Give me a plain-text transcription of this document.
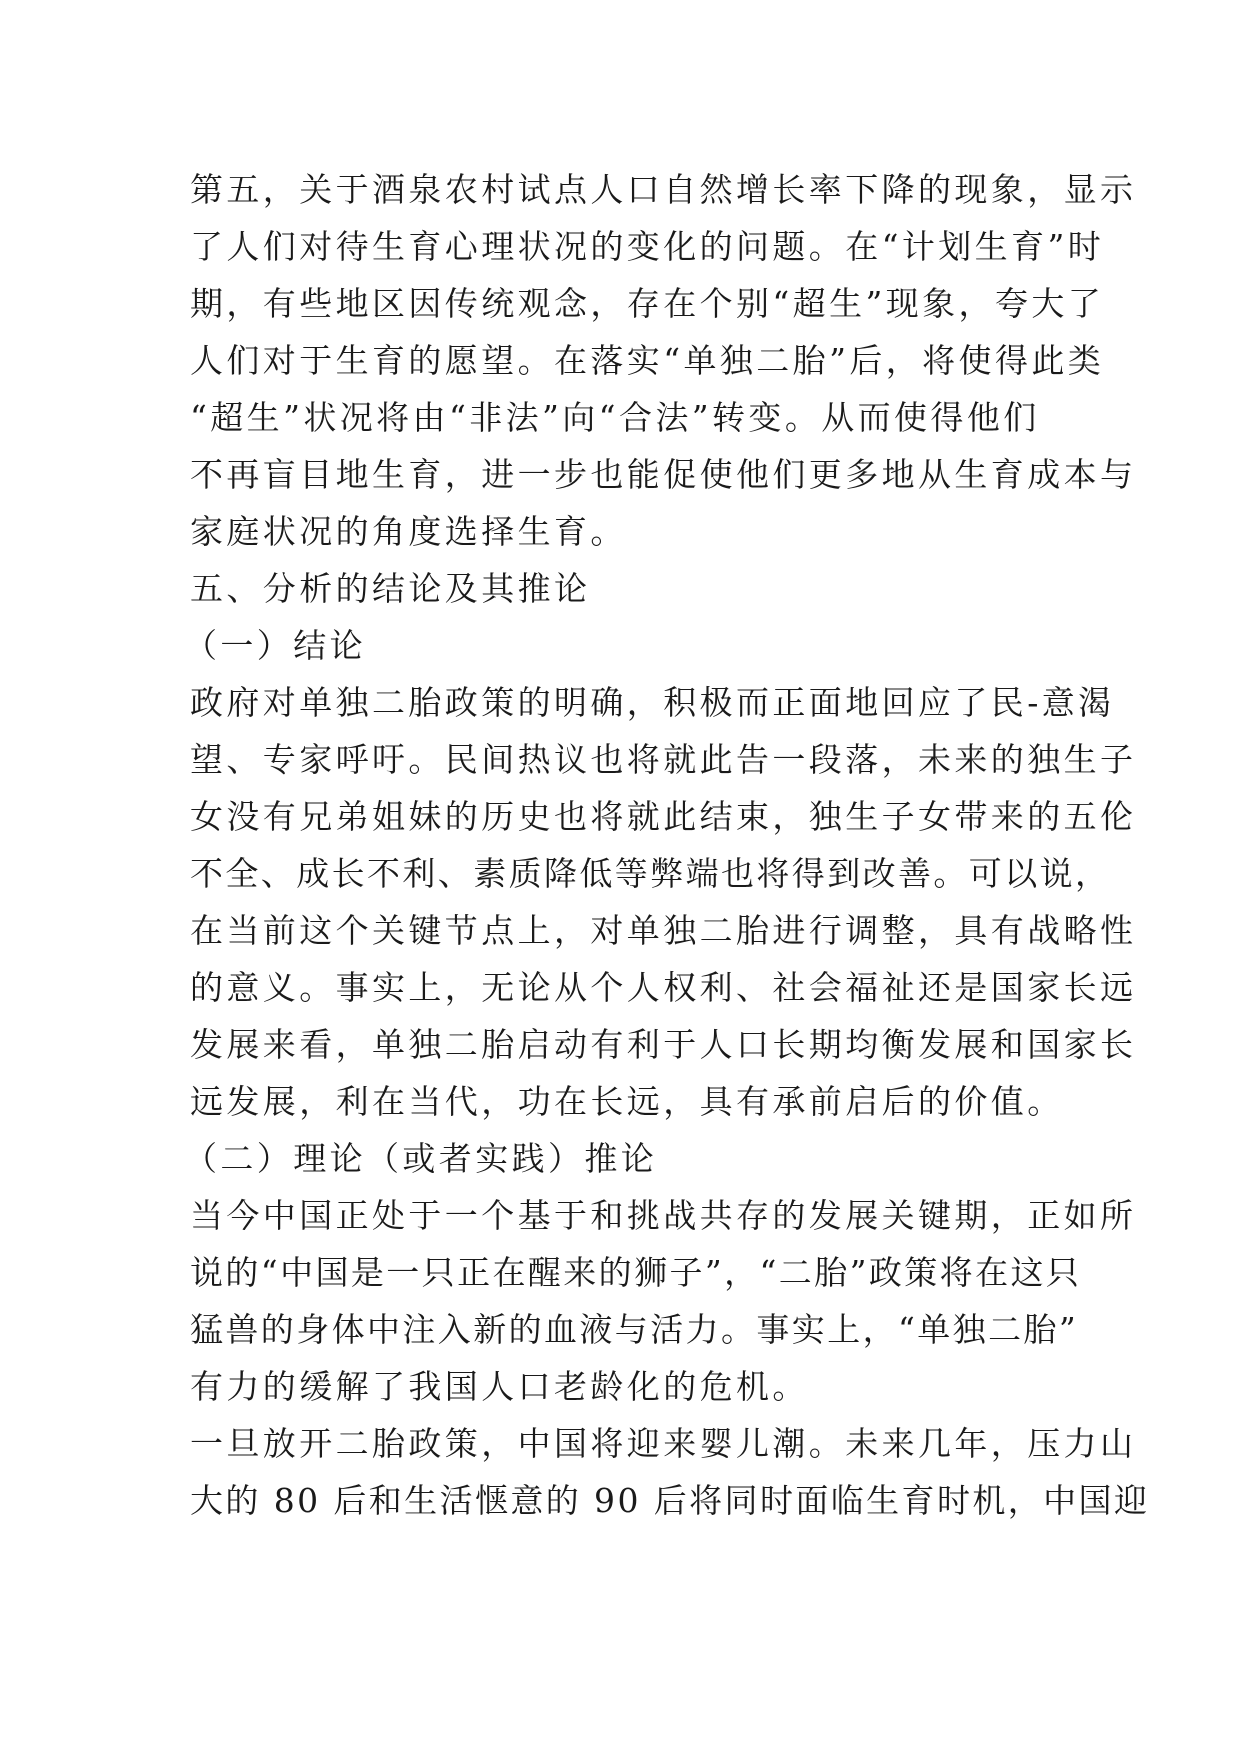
第五，关于酒泉农村试点人口自然增长率下降的现象，显示
了人们对待生育心理状况的变化的问题。在“计划生育”时
期，有些地区因传统观念，存在个别“超生”现象，夸大了
人们对于生育的愿望。在落实“单独二胎”后，将使得此类
“超生”状况将由“非法”向“合法”转变。从而使得他们
不再盲目地生育，进一步也能促使他们更多地从生育成本与
家庭状况的角度选择生育。
五、分析的结论及其推论
（一）结论
政府对单独二胎政策的明确，积极而正面地回应了民-意渴
望、专家呼吁。民间热议也将就此告一段落，未来的独生子
女没有兄弟姐妹的历史也将就此结束，独生子女带来的五伦
不全、成长不利、素质降低等弊端也将得到改善。可以说，
在当前这个关键节点上，对单独二胎进行调整，具有战略性
的意义。事实上，无论从个人权利、社会福祉还是国家长远
发展来看，单独二胎启动有利于人口长期均衡发展和国家长
远发展，利在当代，功在长远，具有承前启后的价值。
（二）理论（或者实践）推论
当今中国正处于一个基于和挑战共存的发展关键期，正如所
说的“中国是一只正在醒来的狮子”，“二胎”政策将在这只
猛兽的身体中注入新的血液与活力。事实上，“单独二胎”
有力的缓解了我国人口老龄化的危机。
一旦放开二胎政策，中国将迎来婴儿潮。未来几年，压力山
大的 80 后和生活惬意的 90 后将同时面临生育时机，中国迎
